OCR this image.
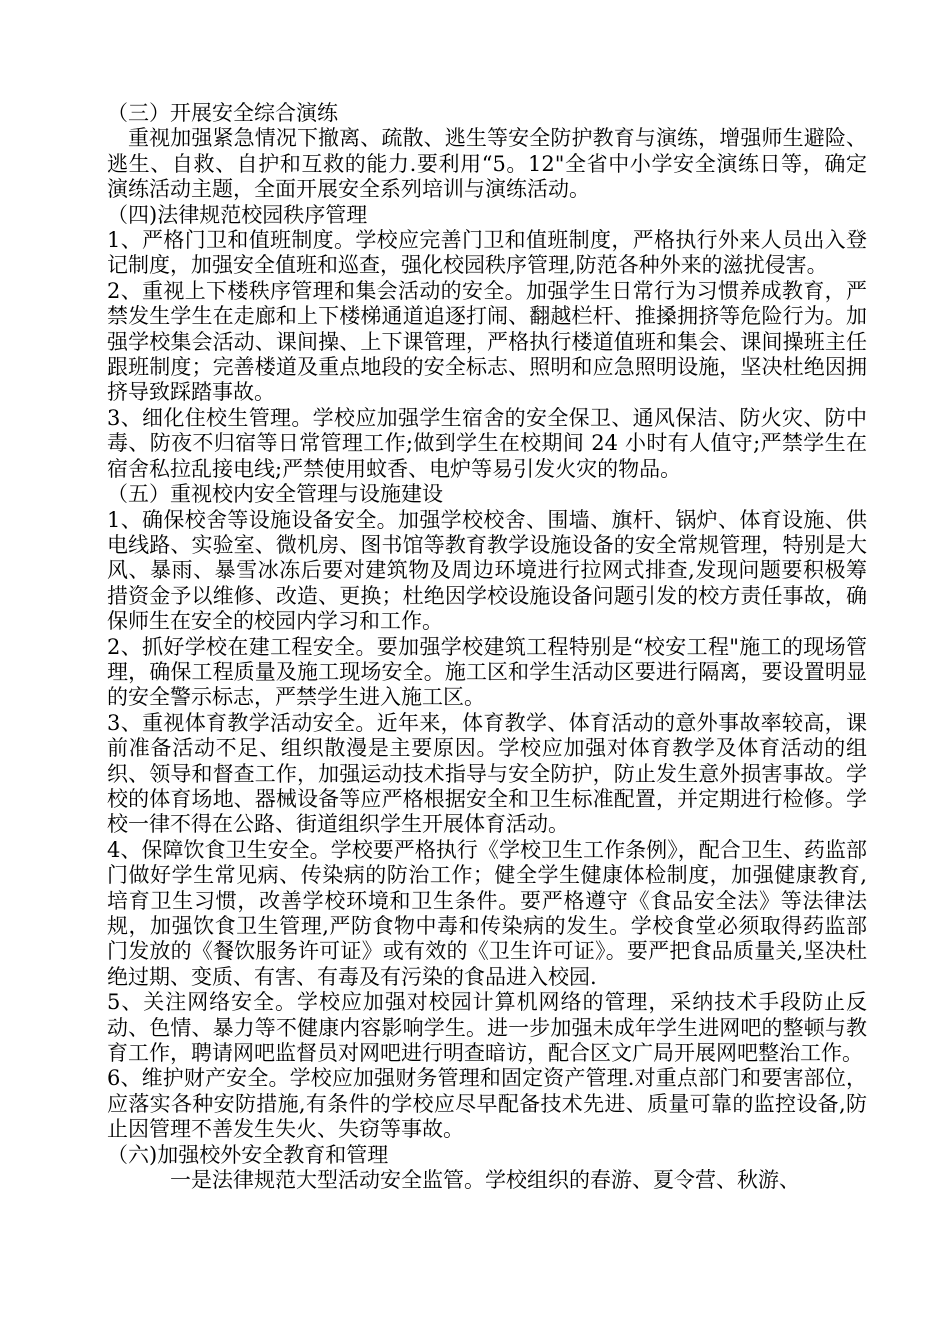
（三）开展安全综合演练

重视加强紧急情况下撤离、疏散、逃生等安全防护教育与演练，增强师生避险、逃生、自救、自护和互救的能力.要利用“5。12"全省中小学安全演练日等，确定演练活动主题，全面开展安全系列培训与演练活动。

（四)法律规范校园秩序管理

1、严格门卫和值班制度。学校应完善门卫和值班制度，严格执行外来人员出入登记制度，加强安全值班和巡查，强化校园秩序管理,防范各种外来的滋扰侵害。

2、重视上下楼秩序管理和集会活动的安全。加强学生日常行为习惯养成教育，严禁发生学生在走廊和上下楼梯通道追逐打闹、翻越栏杆、推搡拥挤等危险行为。加强学校集会活动、课间操、上下课管理，严格执行楼道值班和集会、课间操班主任跟班制度；完善楼道及重点地段的安全标志、照明和应急照明设施，坚决杜绝因拥挤导致踩踏事故。

3、细化住校生管理。学校应加强学生宿舍的安全保卫、通风保洁、防火灾、防中毒、防夜不归宿等日常管理工作;做到学生在校期间 24 小时有人值守;严禁学生在宿舍私拉乱接电线;严禁使用蚊香、电炉等易引发火灾的物品。

（五）重视校内安全管理与设施建设

1、确保校舍等设施设备安全。加强学校校舍、围墙、旗杆、锅炉、体育设施、供电线路、实验室、微机房、图书馆等教育教学设施设备的安全常规管理，特别是大风、暴雨、暴雪冰冻后要对建筑物及周边环境进行拉网式排查,发现问题要积极筹措资金予以维修、改造、更换；杜绝因学校设施设备问题引发的校方责任事故，确保师生在安全的校园内学习和工作。

2、抓好学校在建工程安全。要加强学校建筑工程特别是“校安工程"施工的现场管理，确保工程质量及施工现场安全。施工区和学生活动区要进行隔离，要设置明显的安全警示标志，严禁学生进入施工区。

3、重视体育教学活动安全。近年来，体育教学、体育活动的意外事故率较高，课前准备活动不足、组织散漫是主要原因。学校应加强对体育教学及体育活动的组织、领导和督查工作，加强运动技术指导与安全防护，防止发生意外损害事故。学校的体育场地、器械设备等应严格根据安全和卫生标准配置，并定期进行检修。学校一律不得在公路、街道组织学生开展体育活动。

4、保障饮食卫生安全。学校要严格执行《学校卫生工作条例》，配合卫生、药监部门做好学生常见病、传染病的防治工作；健全学生健康体检制度，加强健康教育,培育卫生习惯，改善学校环境和卫生条件。要严格遵守《食品安全法》等法律法规，加强饮食卫生管理,严防食物中毒和传染病的发生。学校食堂必须取得药监部门发放的《餐饮服务许可证》或有效的《卫生许可证》。要严把食品质量关,坚决杜绝过期、变质、有害、有毒及有污染的食品进入校园.

5、关注网络安全。学校应加强对校园计算机网络的管理，采纳技术手段防止反动、色情、暴力等不健康内容影响学生。进一步加强未成年学生进网吧的整顿与教育工作，聘请网吧监督员对网吧进行明查暗访，配合区文广局开展网吧整治工作。

6、维护财产安全。学校应加强财务管理和固定资产管理.对重点部门和要害部位，应落实各种安防措施,有条件的学校应尽早配备技术先进、质量可靠的监控设备,防止因管理不善发生失火、失窃等事故。

（六)加强校外安全教育和管理

一是法律规范大型活动安全监管。学校组织的春游、夏令营、秋游、
